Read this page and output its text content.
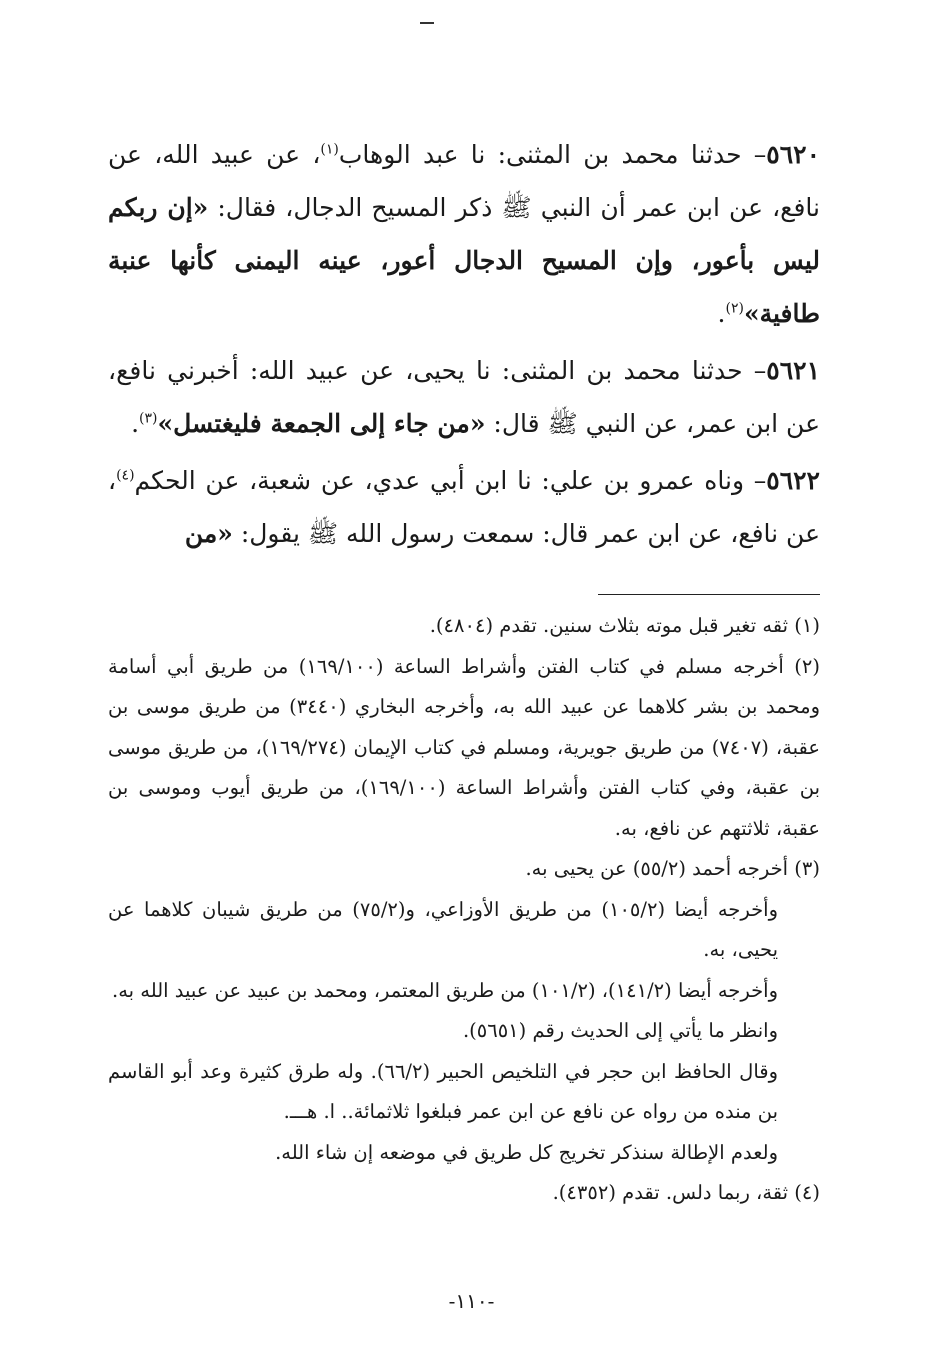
٥٦٢٠– حدثنا محمد بن المثنى: نا عبد الوهاب$^{(١)}$، عن عبيد الله، عن نافع، عن ابن عمر أن النبي ﷺ ذكر المسيح الدجال، فقال: «إن ربكم ليس بأعور، وإن المسيح الدجال أعور، عينه اليمنى كأنها عنبة طافية»$^{(٢)}$.

٥٦٢١– حدثنا محمد بن المثنى: نا يحيى، عن عبيد الله: أخبرني نافع، عن ابن عمر، عن النبي ﷺ قال: «من جاء إلى الجمعة فليغتسل»$^{(٣)}$.

٥٦٢٢– وناه عمرو بن علي: نا ابن أبي عدي، عن شعبة، عن الحكم$^{(٤)}$، عن نافع، عن ابن عمر قال: سمعت رسول الله ﷺ يقول: «من

(١) ثقه تغير قبل موته بثلاث سنين. تقدم (٤٨٠٤).

(٢) أخرجه مسلم في كتاب الفتن وأشراط الساعة (١٦٩/١٠٠) من طريق أبي أسامة ومحمد بن بشر كلاهما عن عبيد الله به، وأخرجه البخاري (٣٤٤٠) من طريق موسى بن عقبة، (٧٤٠٧) من طريق جويرية، ومسلم في كتاب الإيمان (١٦٩/٢٧٤)، من طريق موسى بن عقبة، وفي كتاب الفتن وأشراط الساعة (١٦٩/١٠٠)، من طريق أيوب وموسى بن عقبة، ثلاثتهم عن نافع، به.

(٣) أخرجه أحمد (٥٥/٢) عن يحيى به.

وأخرجه أيضا (١٠٥/٢) من طريق الأوزاعي، و(٧٥/٢) من طريق شيبان كلاهما عن يحيى، به.

وأخرجه أيضا (١٤١/٢)، (١٠١/٢) من طريق المعتمر، ومحمد بن عبيد عن عبيد الله به.

وانظر ما يأتي إلى الحديث رقم (٥٦٥١).

وقال الحافظ ابن حجر في التلخيص الحبير (٦٦/٢). وله طرق كثيرة وعد أبو القاسم بن منده من رواه عن نافع عن ابن عمر فبلغوا ثلاثمائة.. ا. هـــ.

ولعدم الإطالة سنذكر تخريج كل طريق في موضعه إن شاء الله.

(٤) ثقة، ربما دلس. تقدم (٤٣٥٢).

-١١٠-
